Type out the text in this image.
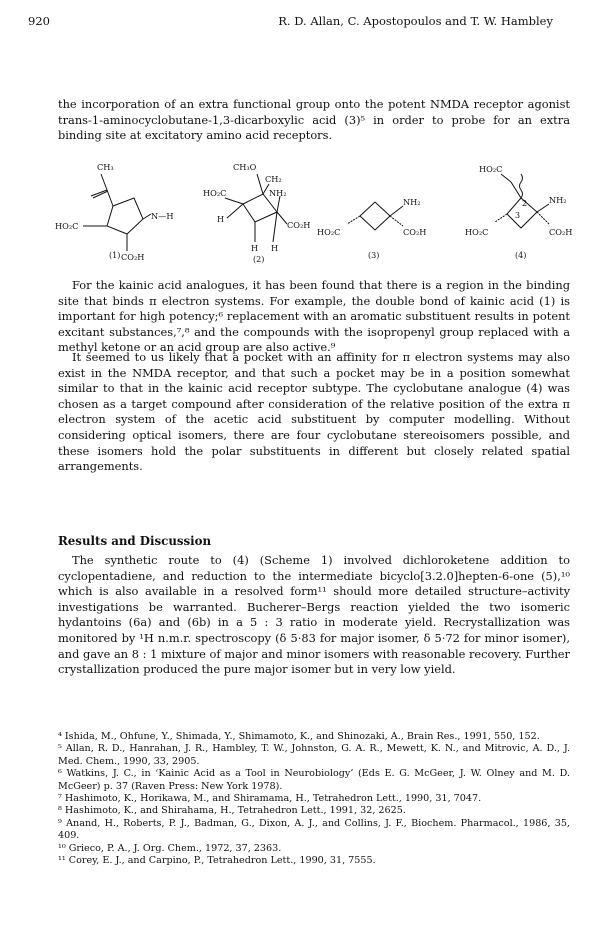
920	R. D. Allan, C. Apostopoulos and T. W. Hambley

the incorporation of an extra functional group onto the potent NMDA receptor agonist trans-1-aminocyclobutane-1,3-dicarboxylic acid (3)⁵ in order to probe for an extra binding site at excitatory amino acid receptors.

CH₃
N—H
HO₂C
CO₂H
(1)
CH₃O
CH₂
HO₂C	NH₂
H
CO₂H
H H
(2)
NH₂
HO₂C	CO₂H
(3)
HO₂C
NH₂
HO₂C	CO₂H
2
3
(4)

For the kainic acid analogues, it has been found that there is a region in the binding site that binds π electron systems. For example, the double bond of kainic acid (1) is important for high potency;⁶ replacement with an aromatic substituent results in potent excitant substances,⁷,⁸ and the compounds with the isopropenyl group replaced with a methyl ketone or an acid group are also active.⁹

It seemed to us likely that a pocket with an affinity for π electron systems may also exist in the NMDA receptor, and that such a pocket may be in a position somewhat similar to that in the kainic acid receptor subtype. The cyclobutane analogue (4) was chosen as a target compound after consideration of the relative position of the extra π electron system of the acetic acid substituent by computer modelling. Without considering optical isomers, there are four cyclobutane stereoisomers possible, and these isomers hold the polar substituents in different but closely related spatial arrangements.

Results and Discussion

The synthetic route to (4) (Scheme 1) involved dichloroketene addition to cyclopentadiene, and reduction to the intermediate bicyclo[3.2.0]hepten-6-one (5),¹⁰ which is also available in a resolved form¹¹ should more detailed structure–activity investigations be warranted. Bucherer–Bergs reaction yielded the two isomeric hydantoins (6a) and (6b) in a 5 : 3 ratio in moderate yield. Recrystallization was monitored by ¹H n.m.r. spectroscopy (δ 5·83 for major isomer, δ 5·72 for minor isomer), and gave an 8 : 1 mixture of major and minor isomers with reasonable recovery. Further crystallization produced the pure major isomer but in very low yield.

⁴ Ishida, M., Ohfune, Y., Shimada, Y., Shimamoto, K., and Shinozaki, A., Brain Res., 1991, 550, 152.
⁵ Allan, R. D., Hanrahan, J. R., Hambley, T. W., Johnston, G. A. R., Mewett, K. N., and Mitrovic, A. D., J. Med. Chem., 1990, 33, 2905.
⁶ Watkins, J. C., in ‘Kainic Acid as a Tool in Neurobiology’ (Eds E. G. McGeer, J. W. Olney and M. D. McGeer) p. 37 (Raven Press: New York 1978).
⁷ Hashimoto, K., Horikawa, M., and Shiramama, H., Tetrahedron Lett., 1990, 31, 7047.
⁸ Hashimoto, K., and Shirahama, H., Tetrahedron Lett., 1991, 32, 2625.
⁹ Anand, H., Roberts, P. J., Badman, G., Dixon, A. J., and Collins, J. F., Biochem. Pharmacol., 1986, 35, 409.
¹⁰ Grieco, P. A., J. Org. Chem., 1972, 37, 2363.
¹¹ Corey, E. J., and Carpino, P., Tetrahedron Lett., 1990, 31, 7555.
